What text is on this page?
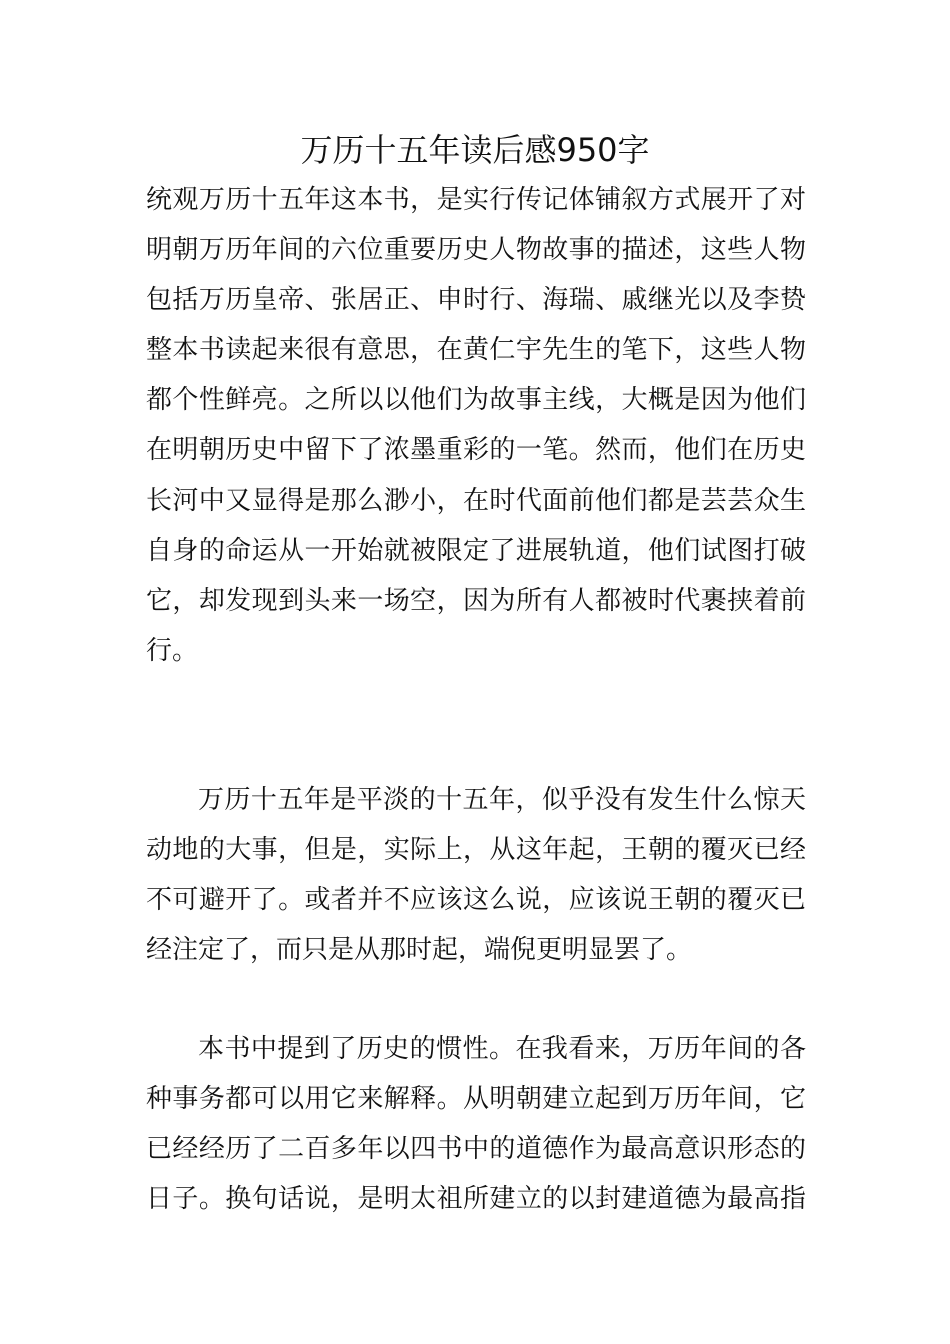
万历十五年读后感950字
统观万历十五年这本书，是实行传记体铺叙方式展开了对
明朝万历年间的六位重要历史人物故事的描述，这些人物
包括万历皇帝、张居正、申时行、海瑞、戚继光以及李贽
整本书读起来很有意思，在黄仁宇先生的笔下，这些人物
都个性鲜亮。之所以以他们为故事主线，大概是因为他们
在明朝历史中留下了浓墨重彩的一笔。然而，他们在历史
长河中又显得是那么渺小，在时代面前他们都是芸芸众生
自身的命运从一开始就被限定了进展轨道，他们试图打破
它，却发现到头来一场空，因为所有人都被时代裹挟着前
行。
万历十五年是平淡的十五年，似乎没有发生什么惊天
动地的大事，但是，实际上，从这年起，王朝的覆灭已经
不可避开了。或者并不应该这么说，应该说王朝的覆灭已
经注定了，而只是从那时起，端倪更明显罢了。
本书中提到了历史的惯性。在我看来，万历年间的各
种事务都可以用它来解释。从明朝建立起到万历年间，它
已经经历了二百多年以四书中的道德作为最高意识形态的
日子。换句话说，是明太祖所建立的以封建道德为最高指
